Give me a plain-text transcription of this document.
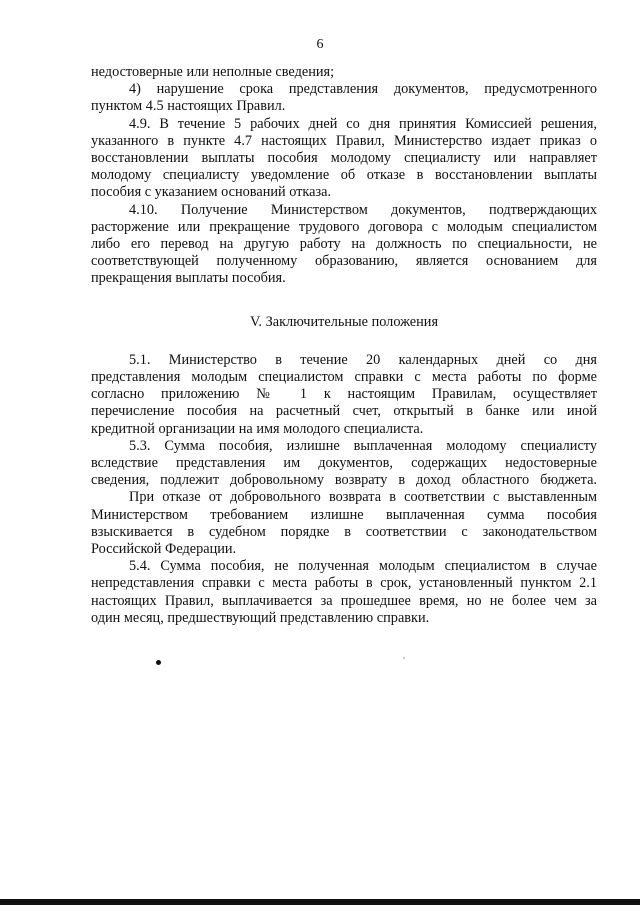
6
недостоверные или неполные сведения;
4) нарушение срока представления документов, предусмотренного
пунктом 4.5 настоящих Правил.
4.9. В течение 5 рабочих дней со дня принятия Комиссией решения,
указанного в пункте 4.7 настоящих Правил, Министерство издает приказ о
восстановлении выплаты пособия молодому специалисту или направляет
молодому специалисту уведомление об отказе в восстановлении выплаты
пособия с указанием оснований отказа.
4.10. Получение Министерством документов, подтверждающих
расторжение или прекращение трудового договора с молодым специалистом
либо его перевод на другую работу на должность по специальности, не
соответствующей полученному образованию, является основанием для
прекращения выплаты пособия.
V. Заключительные положения
5.1. Министерство в течение 20 календарных дней со дня
представления молодым специалистом справки с места работы по форме
согласно приложению № 1 к настоящим Правилам, осуществляет
перечисление пособия на расчетный счет, открытый в банке или иной
кредитной организации на имя молодого специалиста.
5.3. Сумма пособия, излишне выплаченная молодому специалисту
вследствие представления им документов, содержащих недостоверные
сведения, подлежит добровольному возврату в доход областного бюджета.
При отказе от добровольного возврата в соответствии с выставленным
Министерством требованием излишне выплаченная сумма пособия
взыскивается в судебном порядке в соответствии с законодательством
Российской Федерации.
5.4. Сумма пособия, не полученная молодым специалистом в случае
непредставления справки с места работы в срок, установленный пунктом 2.1
настоящих Правил, выплачивается за прошедшее время, но не более чем за
один месяц, предшествующий представлению справки.
